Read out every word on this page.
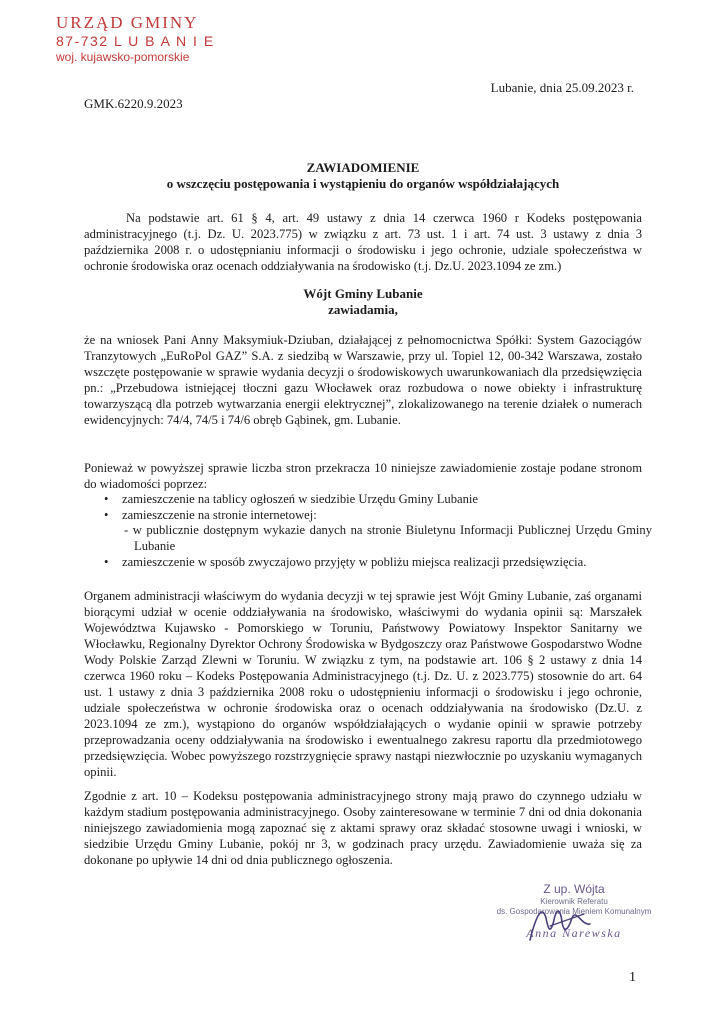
URZĄD GMINY
87-732 L U B A N I E
woj. kujawsko-pomorskie
Lubanie, dnia 25.09.2023 r.
GMK.6220.9.2023
ZAWIADOMIENIE
o wszczęciu postępowania i wystąpieniu do organów współdziałających
Na podstawie art. 61 § 4, art. 49 ustawy z dnia 14 czerwca 1960 r Kodeks postępowania administracyjnego (t.j. Dz. U. 2023.775) w związku z art. 73 ust. 1 i art. 74 ust. 3 ustawy z dnia 3 października 2008 r. o udostępnianiu informacji o środowisku i jego ochronie, udziale społeczeństwa w ochronie środowiska oraz ocenach oddziaływania na środowisko (t.j. Dz.U. 2023.1094 ze zm.)
Wójt Gminy Lubanie
zawiadamia,
że na wniosek Pani Anny Maksymiuk-Dziuban, działającej z pełnomocnictwa Spółki: System Gazociągów Tranzytowych „EuRoPol GAZ” S.A. z siedzibą w Warszawie, przy ul. Topiel 12, 00-342 Warszawa, zostało wszczęte postępowanie w sprawie wydania decyzji o środowiskowych uwarunkowaniach dla przedsięwzięcia pn.: „Przebudowa istniejącej tłoczni gazu Włocławek oraz rozbudowa o nowe obiekty i infrastrukturę towarzyszącą dla potrzeb wytwarzania energii elektrycznej”, zlokalizowanego na terenie działek o numerach ewidencyjnych: 74/4, 74/5 i 74/6 obręb Gąbinek, gm. Lubanie.
Ponieważ w powyższej sprawie liczba stron przekracza 10 niniejsze zawiadomienie zostaje podane stronom do wiadomości poprzez:
• zamieszczenie na tablicy ogłoszeń w siedzibie Urzędu Gminy Lubanie
• zamieszczenie na stronie internetowej:
- w publicznie dostępnym wykazie danych na stronie Biuletynu Informacji Publicznej Urzędu Gminy Lubanie
• zamieszczenie w sposób zwyczajowo przyjęty w pobliżu miejsca realizacji przedsięwzięcia.
Organem administracji właściwym do wydania decyzji w tej sprawie jest Wójt Gminy Lubanie, zaś organami biorącymi udział w ocenie oddziaływania na środowisko, właściwymi do wydania opinii są: Marszałek Województwa Kujawsko - Pomorskiego w Toruniu, Państwowy Powiatowy Inspektor Sanitarny we Włocławku, Regionalny Dyrektor Ochrony Środowiska w Bydgoszczy oraz Państwowe Gospodarstwo Wodne Wody Polskie Zarząd Zlewni w Toruniu. W związku z tym, na podstawie art. 106 § 2 ustawy z dnia 14 czerwca 1960 roku – Kodeks Postępowania Administracyjnego (t.j. Dz. U. z 2023.775) stosownie do art. 64 ust. 1 ustawy z dnia 3 października 2008 roku o udostępnieniu informacji o środowisku i jego ochronie, udziale społeczeństwa w ochronie środowiska oraz o ocenach oddziaływania na środowisko (Dz.U. z 2023.1094 ze zm.), wystąpiono do organów współdziałających o wydanie opinii w sprawie potrzeby przeprowadzania oceny oddziaływania na środowisko i ewentualnego zakresu raportu dla przedmiotowego przedsięwzięcia. Wobec powyższego rozstrzygnięcie sprawy nastąpi niezwłocznie po uzyskaniu wymaganych opinii.
Zgodnie z art. 10 – Kodeksu postępowania administracyjnego strony mają prawo do czynnego udziału w każdym stadium postępowania administracyjnego. Osoby zainteresowane w terminie 7 dni od dnia dokonania niniejszego zawiadomienia mogą zapoznać się z aktami sprawy oraz składać stosowne uwagi i wnioski, w siedzibie Urzędu Gminy Lubanie, pokój nr 3, w godzinach pracy urzędu. Zawiadomienie uważa się za dokonane po upływie 14 dni od dnia publicznego ogłoszenia.
Z up. Wójta
Kierownik Referatu
ds. Gospodarowania Mieniem Komunalnym
Anna Narewska
1
